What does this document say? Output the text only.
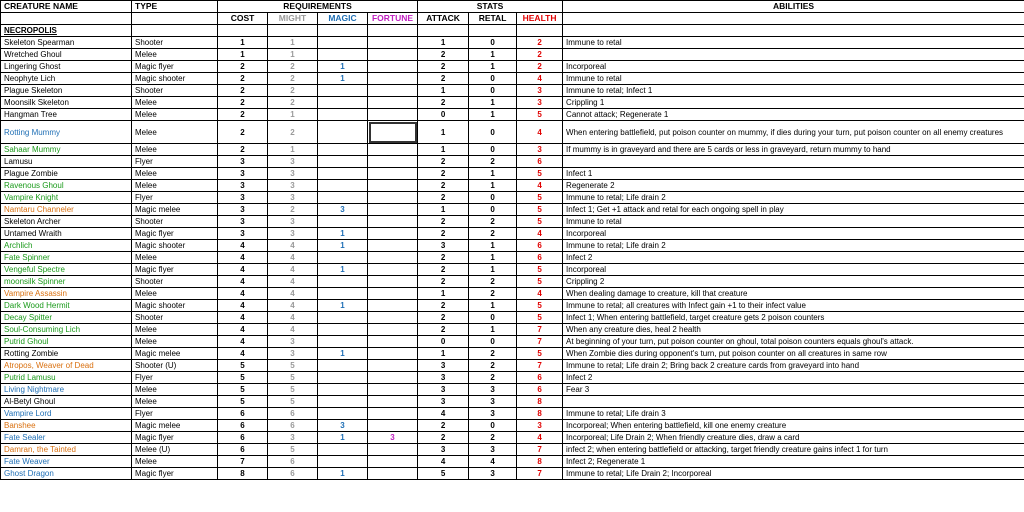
CREATURE NAME	TYPE	REQUIREMENTS				STATS			ABILITIES
		COST	MIGHT	MAGIC	FORTUNE	ATTACK	RETAL	HEALTH	
NECROPOLIS									
Skeleton Spearman	Shooter	1	1			1	0	2	Immune to retal
Wretched Ghoul	Melee	1	1			2	1	2	
Lingering Ghost	Magic flyer	2	2	1		2	1	2	Incorporeal
Neophyte Lich	Magic shooter	2	2	1		2	0	4	Immune to retal
Plague Skeleton	Shooter	2	2			1	0	3	Immune to retal; Infect 1
Moonsilk Skeleton	Melee	2	2			2	1	3	Crippling 1
Hangman Tree	Melee	2	1			0	1	5	Cannot attack; Regenerate 1
Rotting Mummy	Melee	2	2			1	0	4	When entering battlefield, put poison counter on mummy, if dies during your turn, put poison counter on all enemy creatures
Sahaar Mummy	Melee	2	1			1	0	3	If mummy is in graveyard and there are 5 cards or less in graveyard, return mummy to hand
Lamusu	Flyer	3	3			2	2	6	
Plague Zombie	Melee	3	3			2	1	5	Infect 1
Ravenous Ghoul	Melee	3	3			2	1	4	Regenerate 2
Vampire Knight	Flyer	3	3			2	0	5	Immune to retal; Life drain 2
Namtaru Channeler	Magic melee	3	2	3		1	0	5	Infect 1; Get +1 attack and retal for each ongoing spell in play
Skeleton Archer	Shooter	3	3			2	2	5	Immune to retal
Untamed Wraith	Magic flyer	3	3	1		2	2	4	Incorporeal
Archlich	Magic shooter	4	4	1		3	1	6	Immune to retal; Life drain 2
Fate Spinner	Melee	4	4			2	1	6	Infect 2
Vengeful Spectre	Magic flyer	4	4	1		2	1	5	Incorporeal
moonsilk Spinner	Shooter	4	4			2	2	5	Crippling 2
Vampire Assassin	Melee	4	4			1	2	4	When dealing damage to creature, kill that creature
Dark Wood Hermit	Magic shooter	4	4	1		2	1	5	Immune to retal; all creatures with Infect gain +1 to their infect value
Decay Spitter	Shooter	4	4			2	0	5	Infect 1; When entering battlefield, target creature gets 2 poison counters
Soul-Consuming Lich	Melee	4	4			2	1	7	When any creature dies, heal 2 health
Putrid Ghoul	Melee	4	3			0	0	7	At beginning of your turn, put poison counter on ghoul, total poison counters equals ghoul's attack.
Rotting Zombie	Magic melee	4	3	1		1	2	5	When Zombie dies during opponent's turn, put poison counter on all creatures in same row
Atropos, Weaver of Dead	Shooter (U)	5	5			3	2	7	Immune to retal; Life drain 2; Bring back 2 creature cards from graveyard into hand
Putrid Lamusu	Flyer	5	5			3	2	6	Infect 2
Living Nightmare	Melee	5	5			3	3	6	Fear 3
Al-Betyl Ghoul	Melee	5	5			3	3	8	
Vampire Lord	Flyer	6	6			4	3	8	Immune to retal; Life drain 3
Banshee	Magic melee	6	6	3		2	0	3	Incorporeal; When entering battlefield, kill one enemy creature
Fate Sealer	Magic flyer	6	3	1	3	2	2	4	Incorporeal; Life Drain 2; When friendly creature dies, draw a card
Damran, the Tainted	Melee (U)	6	5			3	3	7	infect 2; when entering battlefield or attacking, target friendly creature gains infect 1 for turn
Fate Weaver	Melee	7	6			4	4	8	Infect 2; Regenerate 1
Ghost Dragon	Magic flyer	8	6	1		5	3	7	Immune to retal; Life Drain 2; Incorporeal
